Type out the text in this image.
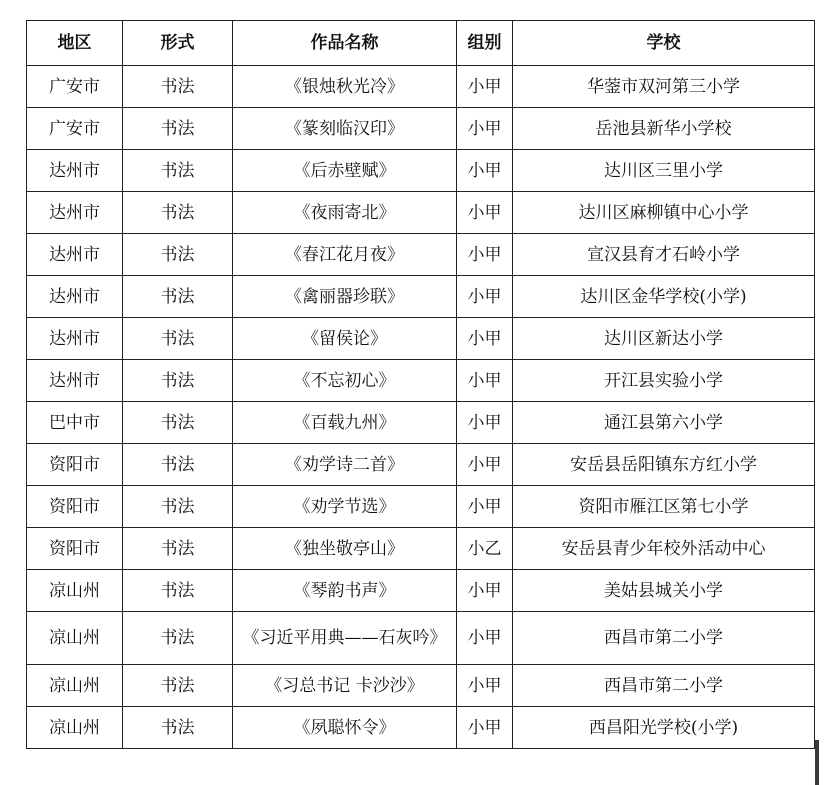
地区	形式	作品名称	组别	学校
广安市	书法	《银烛秋光冷》	小甲	华蓥市双河第三小学
广安市	书法	《篆刻临汉印》	小甲	岳池县新华小学校
达州市	书法	《后赤壁赋》	小甲	达川区三里小学
达州市	书法	《夜雨寄北》	小甲	达川区麻柳镇中心小学
达州市	书法	《春江花月夜》	小甲	宣汉县育才石岭小学
达州市	书法	《禽丽器珍联》	小甲	达川区金华学校(小学)
达州市	书法	《留侯论》	小甲	达川区新达小学
达州市	书法	《不忘初心》	小甲	开江县实验小学
巴中市	书法	《百载九州》	小甲	通江县第六小学
资阳市	书法	《劝学诗二首》	小甲	安岳县岳阳镇东方红小学
资阳市	书法	《劝学节选》	小甲	资阳市雁江区第七小学
资阳市	书法	《独坐敬亭山》	小乙	安岳县青少年校外活动中心
凉山州	书法	《琴韵书声》	小甲	美姑县城关小学
凉山州	书法	《习近平用典——石灰吟》	小甲	西昌市第二小学
凉山州	书法	《习总书记 卡沙沙》	小甲	西昌市第二小学
凉山州	书法	《夙聪怀令》	小甲	西昌阳光学校(小学)
